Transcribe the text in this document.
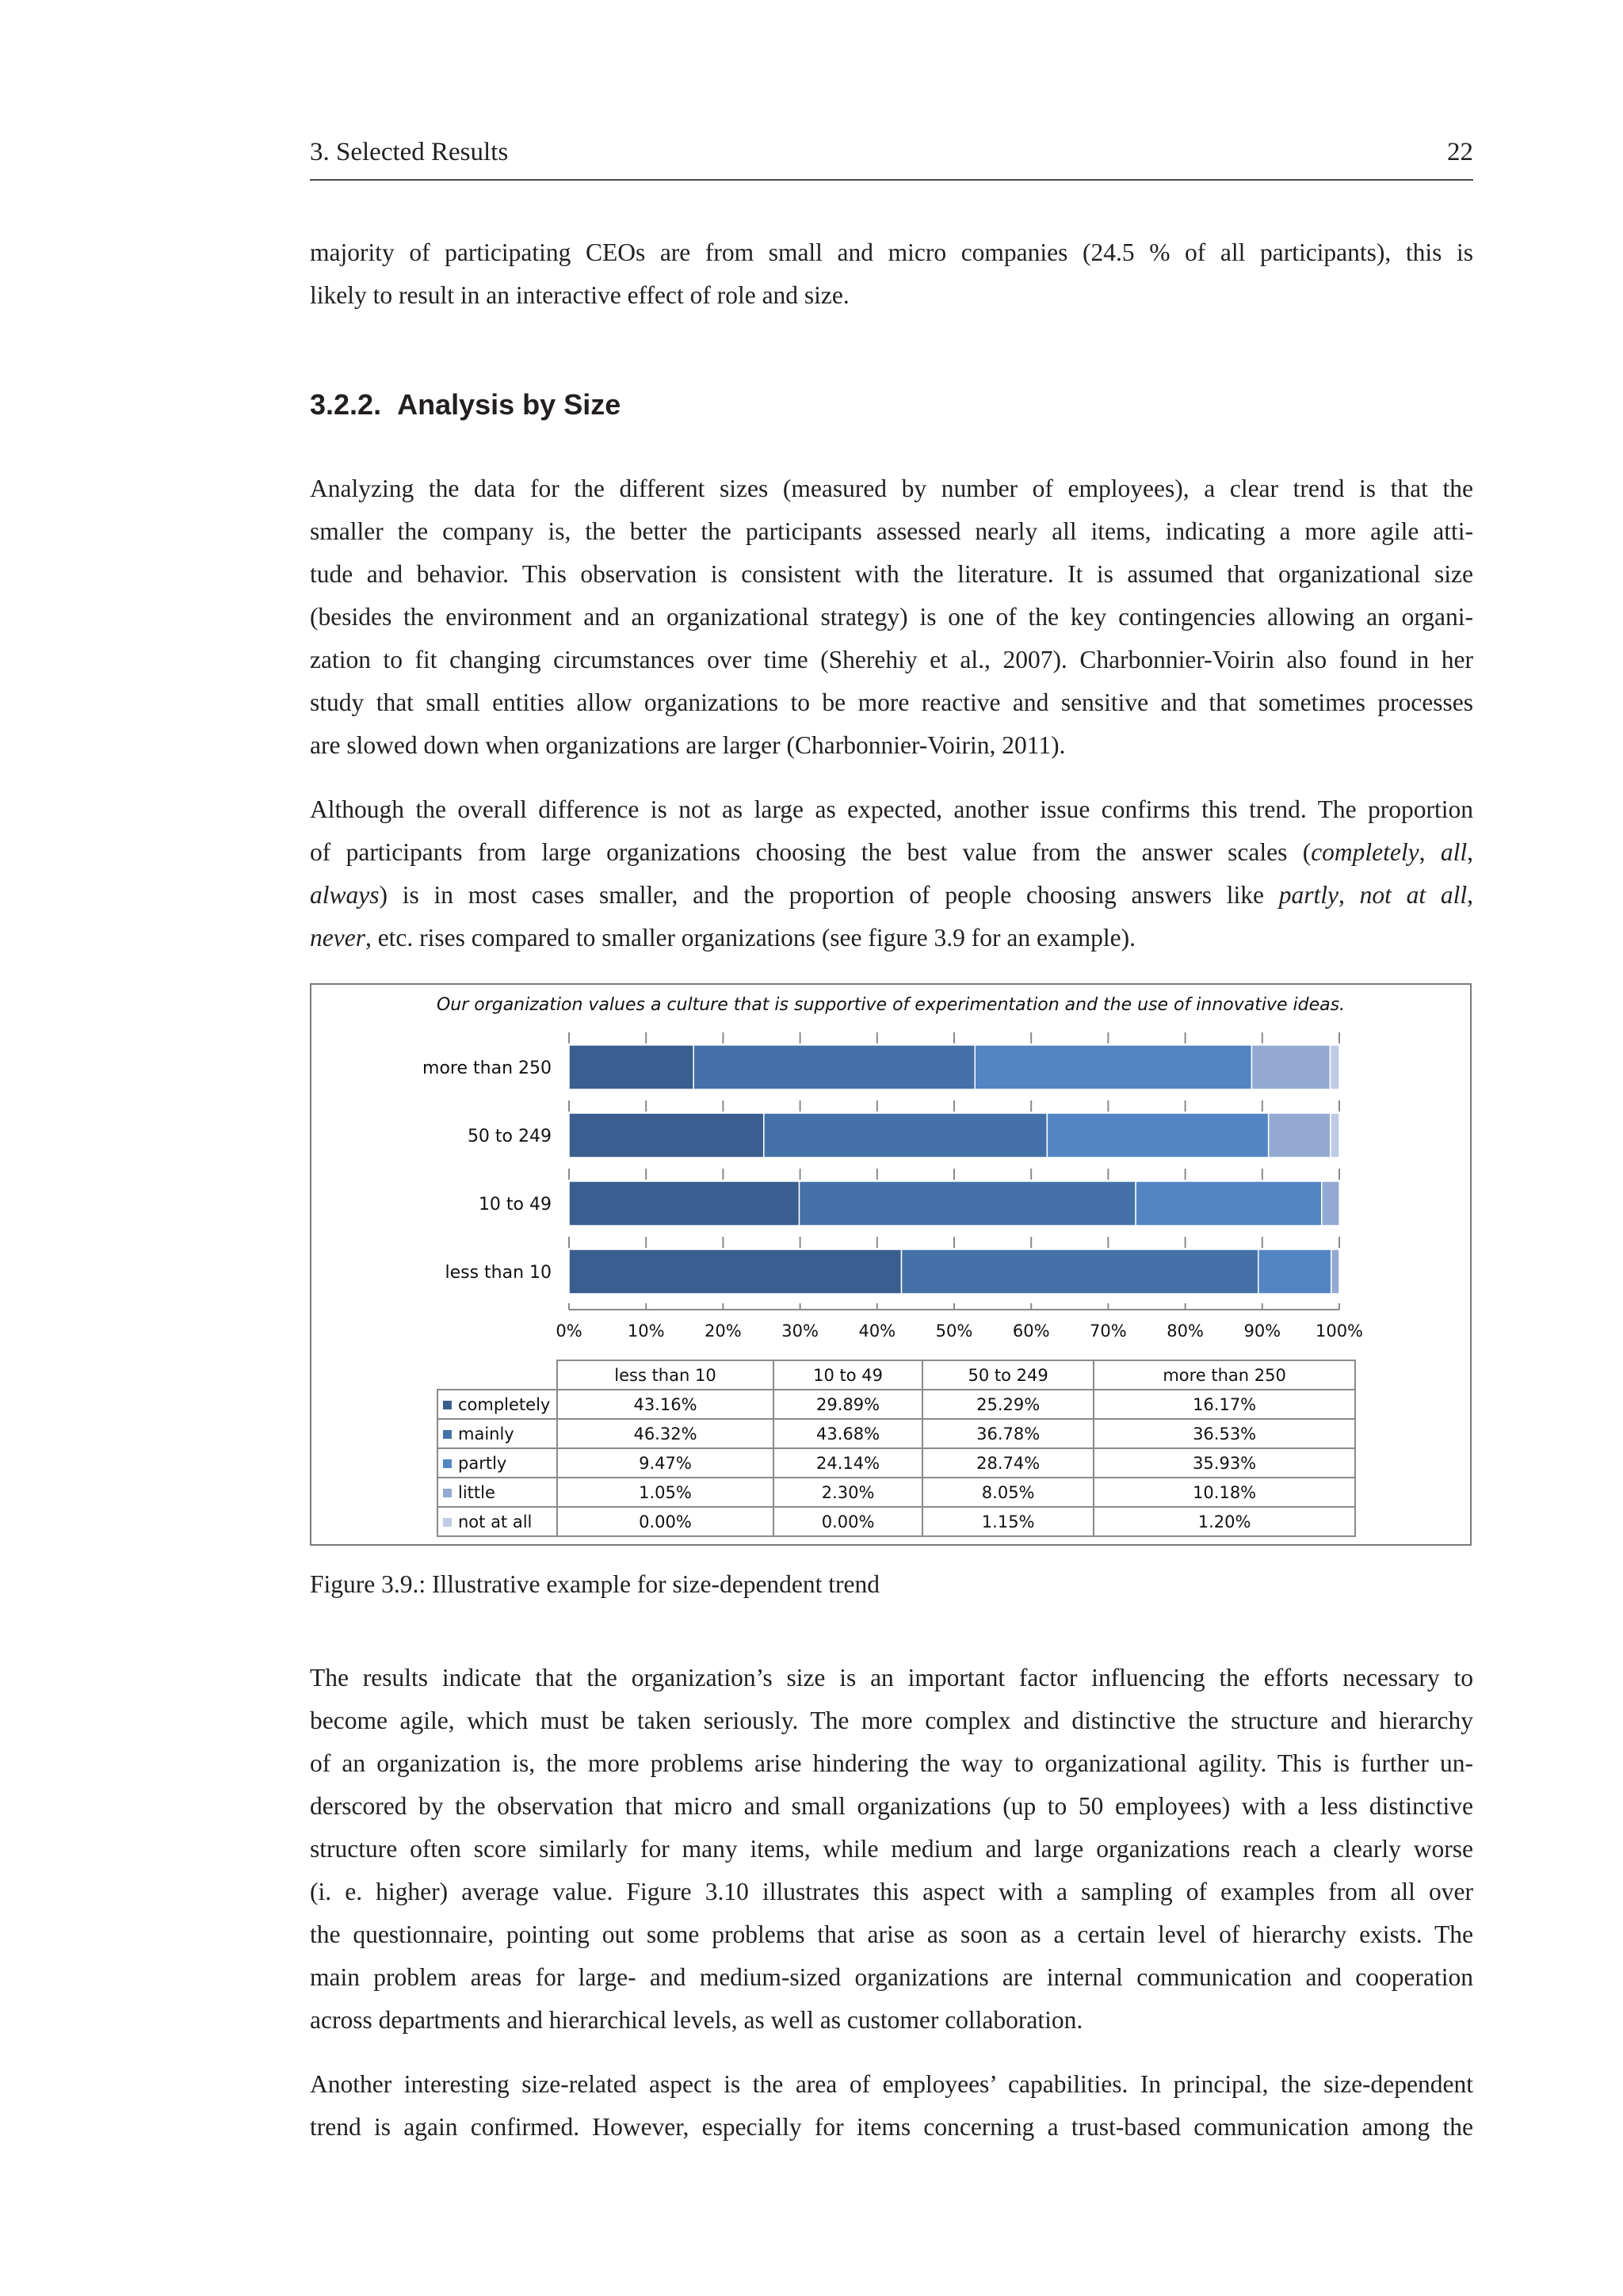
3. Selected Results	22
majority of participating CEOs are from small and micro companies (24.5 % of all participants), this is
likely to result in an interactive effect of role and size.
3.2.2. Analysis by Size
Analyzing the data for the different sizes (measured by number of employees), a clear trend is that the
smaller the company is, the better the participants assessed nearly all items, indicating a more agile atti-
tude and behavior. This observation is consistent with the literature. It is assumed that organizational size
(besides the environment and an organizational strategy) is one of the key contingencies allowing an organi-
zation to fit changing circumstances over time (Sherehiy et al., 2007). Charbonnier-Voirin also found in her
study that small entities allow organizations to be more reactive and sensitive and that sometimes processes
are slowed down when organizations are larger (Charbonnier-Voirin, 2011).
Although the overall difference is not as large as expected, another issue confirms this trend. The proportion
of participants from large organizations choosing the best value from the answer scales (completely, all,
always) is in most cases smaller, and the proportion of people choosing answers like partly, not at all,
never, etc. rises compared to smaller organizations (see figure 3.9 for an example).
Our organization values a culture that is supportive of experimentation and the use of innovative ideas.
more than 250
50 to 249
10 to 49
less than 10
0%	10% 20% 30% 40% 50% 60% 70% 80% 90% 100%
	less than 10	10 to 49	50 to 249	more than 250
completely	43.16%	29.89%	25.29%	16.17%
mainly	46.32%	43.68%	36.78%	36.53%
partly	9.47%	24.14%	28.74%	35.93%
little	1.05%	2.30%	8.05%	10.18%
not at all	0.00%	0.00%	1.15%	1.20%
Figure 3.9.: Illustrative example for size-dependent trend
The results indicate that the organization’s size is an important factor influencing the efforts necessary to
become agile, which must be taken seriously. The more complex and distinctive the structure and hierarchy
of an organization is, the more problems arise hindering the way to organizational agility. This is further un-
derscored by the observation that micro and small organizations (up to 50 employees) with a less distinctive
structure often score similarly for many items, while medium and large organizations reach a clearly worse
(i. e. higher) average value. Figure 3.10 illustrates this aspect with a sampling of examples from all over
the questionnaire, pointing out some problems that arise as soon as a certain level of hierarchy exists. The
main problem areas for large- and medium-sized organizations are internal communication and cooperation
across departments and hierarchical levels, as well as customer collaboration.
Another interesting size-related aspect is the area of employees’ capabilities. In principal, the size-dependent
trend is again confirmed. However, especially for items concerning a trust-based communication among the
